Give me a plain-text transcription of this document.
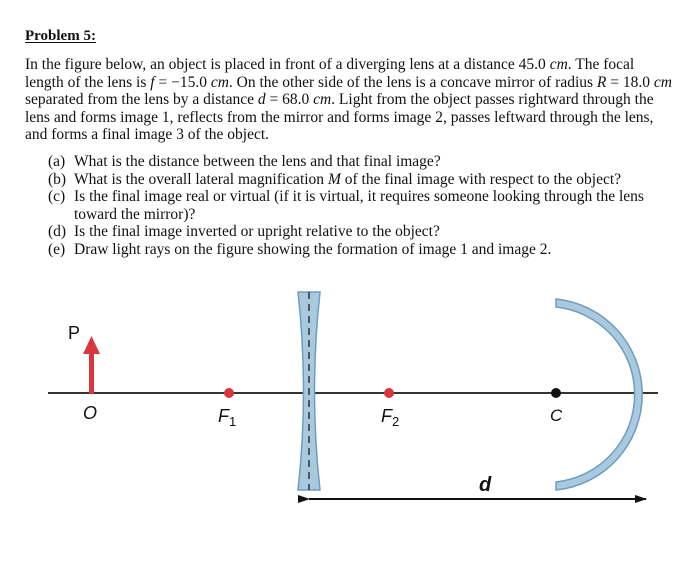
Problem 5:
In the figure below, an object is placed in front of a diverging lens at a distance 45.0 cm. The focal length of the lens is f = −15.0 cm. On the other side of the lens is a concave mirror of radius R = 18.0 cm separated from the lens by a distance d = 68.0 cm. Light from the object passes rightward through the lens and forms image 1, reflects from the mirror and forms image 2, passes leftward through the lens, and forms a final image 3 of the object.
(a) What is the distance between the lens and that final image?
(b) What is the overall lateral magnification M of the final image with respect to the object?
(c) Is the final image real or virtual (if it is virtual, it requires someone looking through the lens toward the mirror)?
(d) Is the final image inverted or upright relative to the object?
(e) Draw light rays on the figure showing the formation of image 1 and image 2.
P
O	$F_1$	$F_2$	C
d
